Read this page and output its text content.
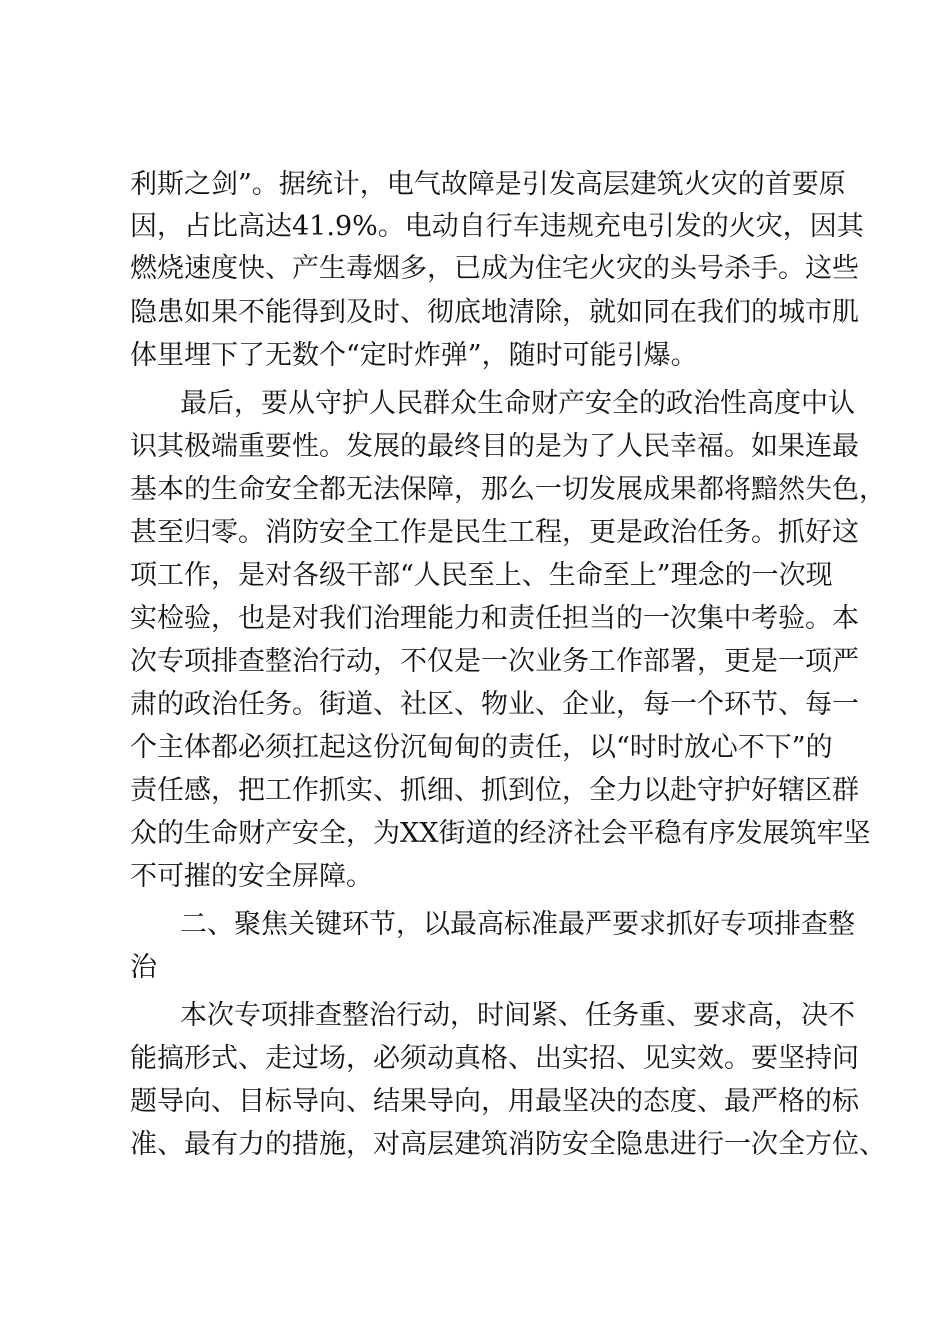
利斯之剑”。据统计，电气故障是引发高层建筑火灾的首要原
因，占比高达41.9%。电动自行车违规充电引发的火灾，因其
燃烧速度快、产生毒烟多，已成为住宅火灾的头号杀手。这些
隐患如果不能得到及时、彻底地清除，就如同在我们的城市肌
体里埋下了无数个“定时炸弹”，随时可能引爆。
最后，要从守护人民群众生命财产安全的政治性高度中认
识其极端重要性。发展的最终目的是为了人民幸福。如果连最
基本的生命安全都无法保障，那么一切发展成果都将黯然失色，
甚至归零。消防安全工作是民生工程，更是政治任务。抓好这
项工作，是对各级干部“人民至上、生命至上”理念的一次现
实检验，也是对我们治理能力和责任担当的一次集中考验。本
次专项排查整治行动，不仅是一次业务工作部署，更是一项严
肃的政治任务。街道、社区、物业、企业，每一个环节、每一
个主体都必须扛起这份沉甸甸的责任，以“时时放心不下”的
责任感，把工作抓实、抓细、抓到位，全力以赴守护好辖区群
众的生命财产安全，为XX街道的经济社会平稳有序发展筑牢坚
不可摧的安全屏障。
二、聚焦关键环节，以最高标准最严要求抓好专项排查整
治
本次专项排查整治行动，时间紧、任务重、要求高，决不
能搞形式、走过场，必须动真格、出实招、见实效。要坚持问
题导向、目标导向、结果导向，用最坚决的态度、最严格的标
准、最有力的措施，对高层建筑消防安全隐患进行一次全方位、
